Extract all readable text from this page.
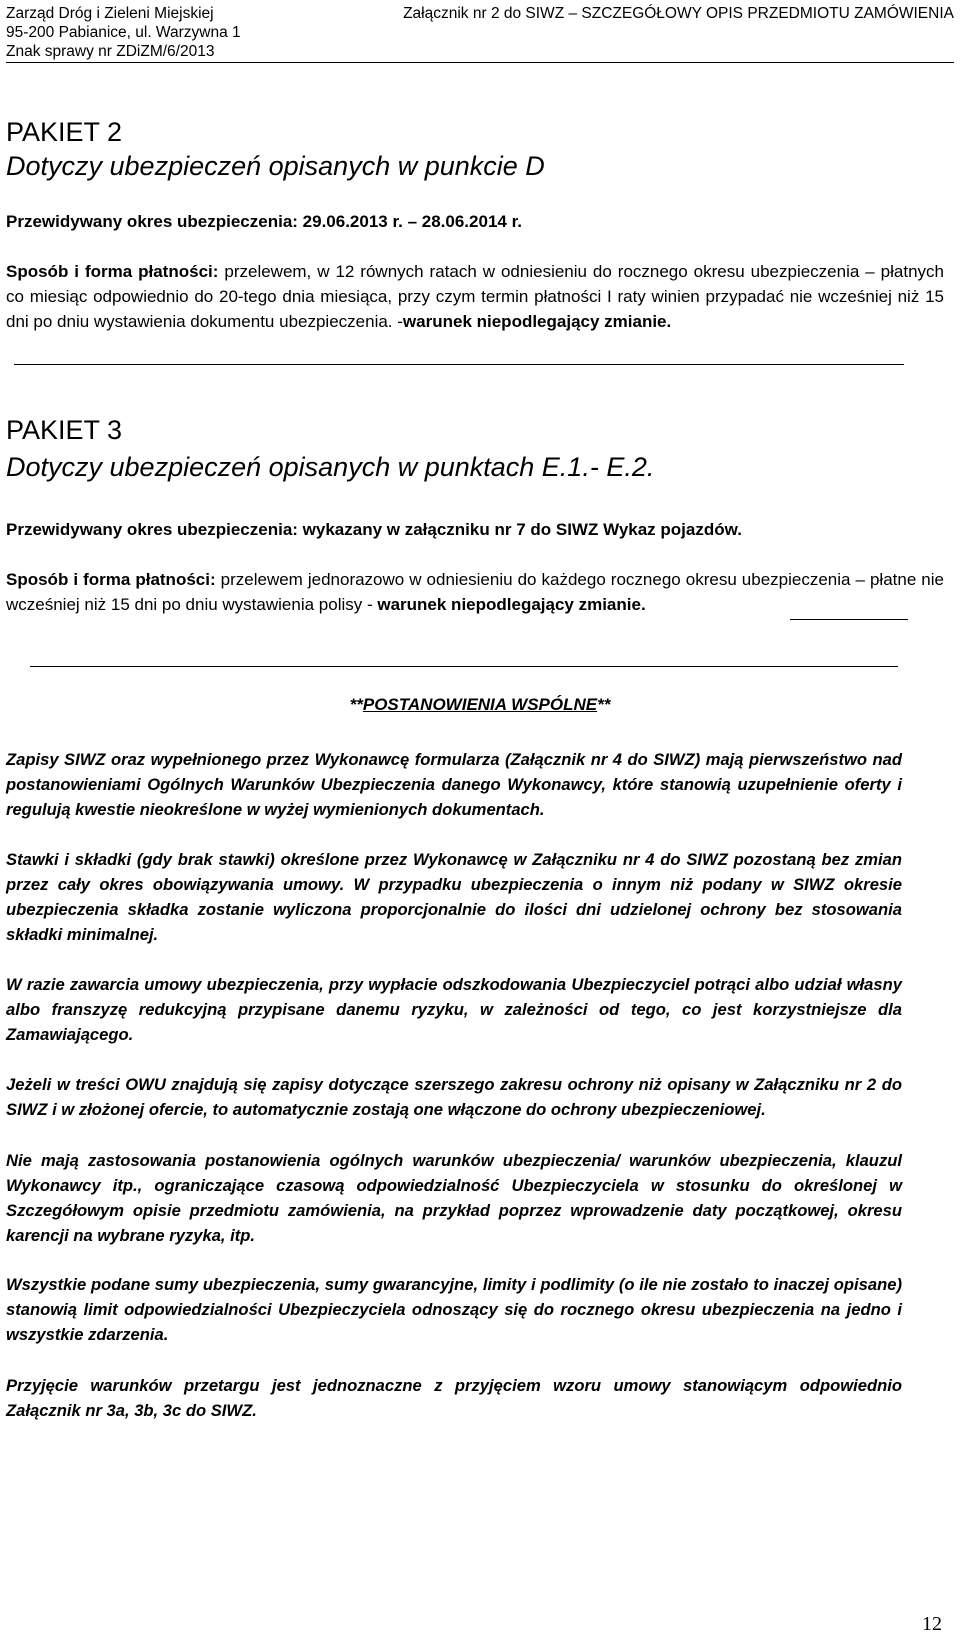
Zarząd Dróg i Zieleni Miejskiej
95-200 Pabianice, ul. Warzywna 1
Znak sprawy nr ZDiZM/6/2013
Załącznik nr 2 do SIWZ – SZCZEGÓŁOWY OPIS PRZEDMIOTU ZAMÓWIENIA
PAKIET 2
Dotyczy ubezpieczeń opisanych w punkcie D
Przewidywany okres ubezpieczenia: 29.06.2013 r. – 28.06.2014 r.
Sposób i forma płatności: przelewem, w 12 równych ratach w odniesieniu do rocznego okresu ubezpieczenia – płatnych co miesiąc odpowiednio do 20-tego dnia miesiąca, przy czym termin płatności I raty winien przypadać nie wcześniej niż 15 dni po dniu wystawienia dokumentu ubezpieczenia. -warunek niepodlegający zmianie.
PAKIET 3
Dotyczy ubezpieczeń opisanych w punktach E.1.- E.2.
Przewidywany okres ubezpieczenia: wykazany w załączniku nr 7 do SIWZ Wykaz pojazdów.
Sposób i forma płatności: przelewem jednorazowo w odniesieniu do każdego rocznego okresu ubezpieczenia – płatne nie wcześniej niż 15 dni po dniu wystawienia polisy - warunek niepodlegający zmianie.
**POSTANOWIENIA WSPÓLNE**
Zapisy SIWZ oraz wypełnionego przez Wykonawcę formularza (Załącznik nr 4 do SIWZ) mają pierwszeństwo nad postanowieniami Ogólnych Warunków Ubezpieczenia danego Wykonawcy, które stanowią uzupełnienie oferty i regulują kwestie nieokreślone w wyżej wymienionych dokumentach.
Stawki i składki (gdy brak stawki) określone przez Wykonawcę w Załączniku nr 4 do SIWZ pozostaną bez zmian przez cały okres obowiązywania umowy. W przypadku ubezpieczenia o innym niż podany w SIWZ okresie ubezpieczenia składka zostanie wyliczona proporcjonalnie do ilości dni udzielonej ochrony bez stosowania składki minimalnej.
W razie zawarcia umowy ubezpieczenia, przy wypłacie odszkodowania Ubezpieczyciel potrąci albo udział własny albo franszyzę redukcyjną przypisane danemu ryzyku, w zależności od tego, co jest korzystniejsze dla Zamawiającego.
Jeżeli w treści OWU znajdują się zapisy dotyczące szerszego zakresu ochrony niż opisany w Załączniku nr 2 do SIWZ i w złożonej ofercie, to automatycznie zostają one włączone do ochrony ubezpieczeniowej.
Nie mają zastosowania postanowienia ogólnych warunków ubezpieczenia/ warunków ubezpieczenia, klauzul Wykonawcy itp., ograniczające czasową odpowiedzialność Ubezpieczyciela w stosunku do określonej w Szczegółowym opisie przedmiotu zamówienia, na przykład poprzez wprowadzenie daty początkowej, okresu karencji na wybrane ryzyka, itp.
Wszystkie podane sumy ubezpieczenia, sumy gwarancyjne, limity i podlimity (o ile nie zostało to inaczej opisane) stanowią limit odpowiedzialności Ubezpieczyciela odnoszący się do rocznego okresu ubezpieczenia na jedno i wszystkie zdarzenia.
Przyjęcie warunków przetargu jest jednoznaczne z przyjęciem wzoru umowy stanowiącym odpowiednio Załącznik nr 3a, 3b, 3c do SIWZ.
12
